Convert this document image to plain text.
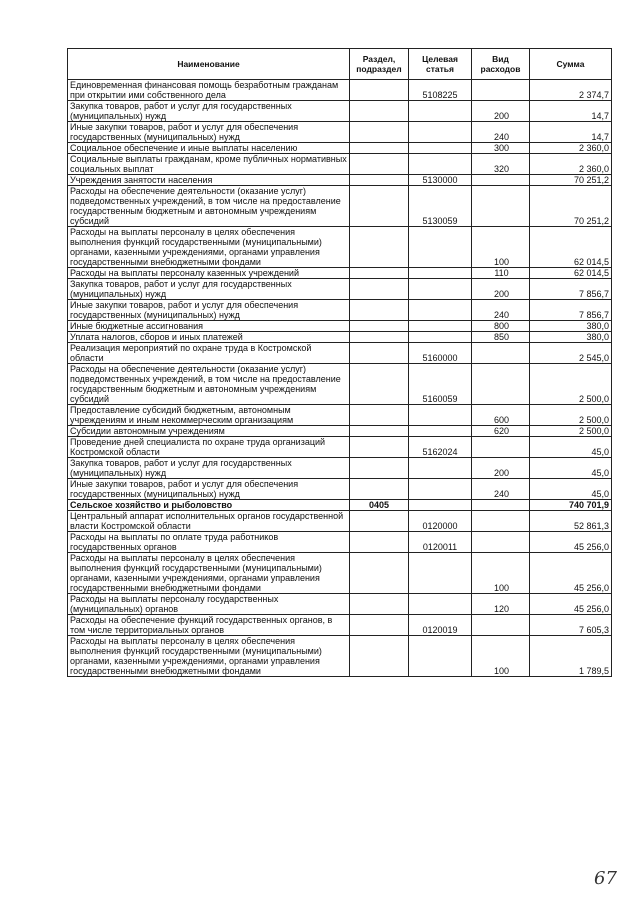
Наименование	Раздел, подраздел	Целевая статья	Вид расходов	Сумма
Единовременная финансовая помощь безработным гражданам при открытии ими собственного дела		5108225		2 374,7
Закупка товаров, работ и услуг для государственных (муниципальных) нужд			200	14,7
Иные закупки товаров, работ и услуг для обеспечения государственных (муниципальных) нужд			240	14,7
Социальное обеспечение и иные выплаты населению			300	2 360,0
Социальные выплаты гражданам, кроме публичных нормативных социальных выплат			320	2 360,0
Учреждения занятости населения		5130000		70 251,2
Расходы на обеспечение деятельности (оказание услуг) подведомственных учреждений, в том числе на предоставление государственным бюджетным и автономным учреждениям субсидий		5130059		70 251,2
Расходы на выплаты персоналу в целях обеспечения выполнения функций государственными (муниципальными) органами, казенными учреждениями, органами управления государственными внебюджетными фондами			100	62 014,5
Расходы на выплаты персоналу казенных учреждений			110	62 014,5
Закупка товаров, работ и услуг для государственных (муниципальных) нужд			200	7 856,7
Иные закупки товаров, работ и услуг для обеспечения государственных (муниципальных) нужд			240	7 856,7
Иные бюджетные ассигнования			800	380,0
Уплата налогов, сборов и иных платежей			850	380,0
Реализация мероприятий по охране труда в Костромской области		5160000		2 545,0
Расходы на обеспечение деятельности (оказание услуг) подведомственных учреждений, в том числе на предоставление государственным бюджетным и автономным учреждениям субсидий		5160059		2 500,0
Предоставление субсидий бюджетным, автономным учреждениям и иным некоммерческим организациям			600	2 500,0
Субсидии автономным учреждениям			620	2 500,0
Проведение дней специалиста по охране труда организаций Костромской области		5162024		45,0
Закупка товаров, работ и услуг для государственных (муниципальных) нужд			200	45,0
Иные закупки товаров, работ и услуг для обеспечения государственных (муниципальных) нужд			240	45,0
Сельское хозяйство и рыболовство	0405			740 701,9
Центральный аппарат исполнительных органов государственной власти Костромской области		0120000		52 861,3
Расходы на выплаты по оплате труда работников государственных органов		0120011		45 256,0
Расходы на выплаты персоналу в целях обеспечения выполнения функций государственными (муниципальными) органами, казенными учреждениями, органами управления государственными внебюджетными фондами			100	45 256,0
Расходы на выплаты персоналу государственных (муниципальных) органов			120	45 256,0
Расходы на обеспечение функций государственных органов, в том числе территориальных органов		0120019		7 605,3
Расходы на выплаты персоналу в целях обеспечения выполнения функций государственными (муниципальными) органами, казенными учреждениями, органами управления государственными внебюджетными фондами			100	1 789,5
67
